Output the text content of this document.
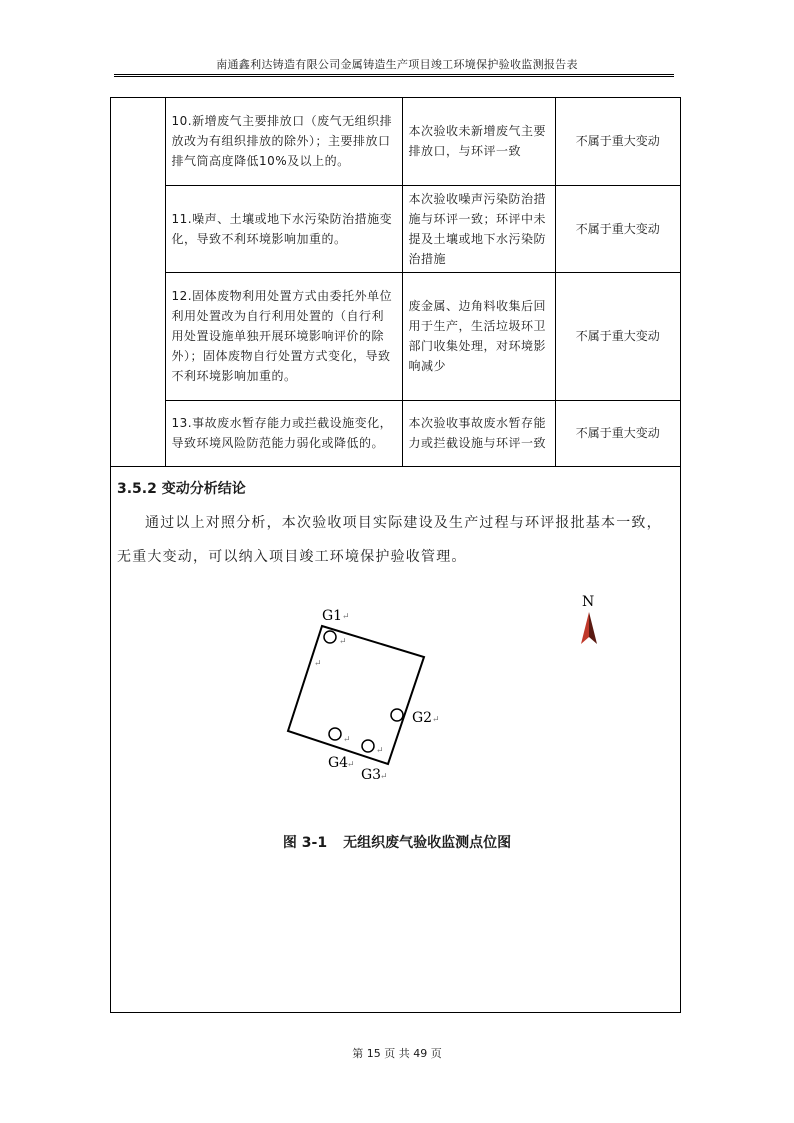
南通鑫利达铸造有限公司金属铸造生产项目竣工环境保护验收监测报告表
	10.新增废气主要排放口（废气无组织排放改为有组织排放的除外）；主要排放口排气筒高度降低10%及以上的。	本次验收未新增废气主要排放口，与环评一致	不属于重大变动
	11.噪声、土壤或地下水污染防治措施变化，导致不利环境影响加重的。	本次验收噪声污染防治措施与环评一致；环评中未提及土壤或地下水污染防治措施	不属于重大变动
	12.固体废物利用处置方式由委托外单位利用处置改为自行利用处置的（自行利用处置设施单独开展环境影响评价的除外）；固体废物自行处置方式变化，导致不利环境影响加重的。	废金属、边角料收集后回用于生产，生活垃圾环卫部门收集处理，对环境影响减少	不属于重大变动
	13.事故废水暂存能力或拦截设施变化，导致环境风险防范能力弱化或降低的。	本次验收事故废水暂存能力或拦截设施与环评一致	不属于重大变动
3.5.2 变动分析结论
通过以上对照分析，本次验收项目实际建设及生产过程与环评报批基本一致，无重大变动，可以纳入项目竣工环境保护验收管理。
G1 ↵
↵
↵
G2 ↵
↵
↵
G4
↵
G3
↵
N
图 3-1 无组织废气验收监测点位图
第 15 页 共 49 页
